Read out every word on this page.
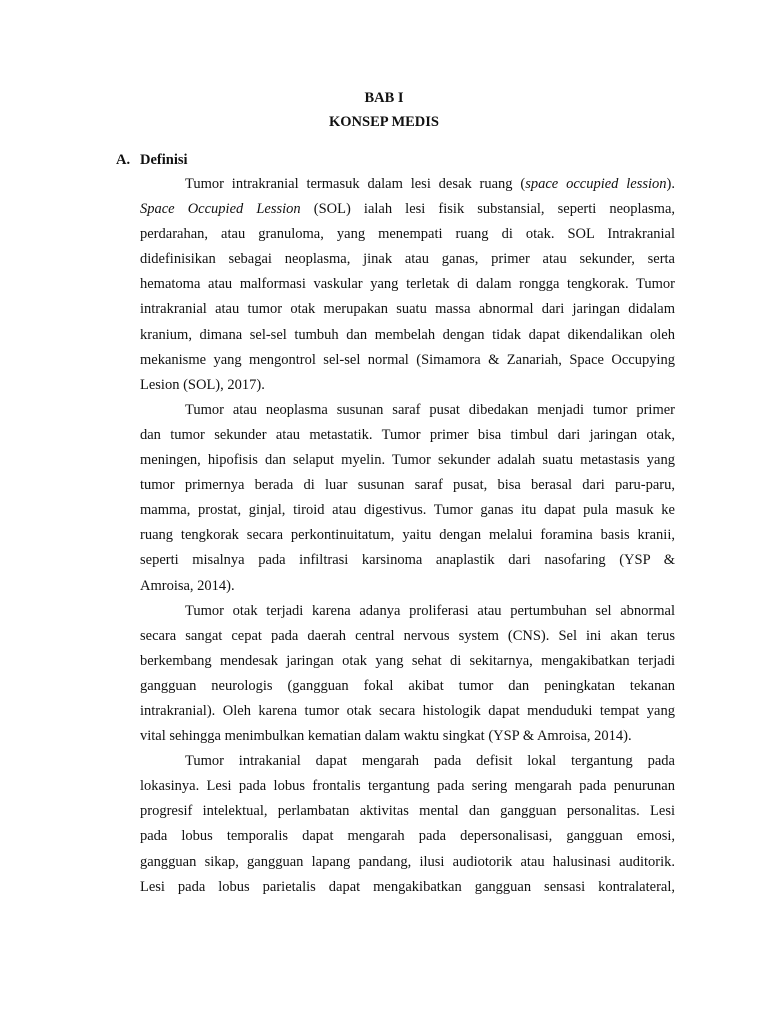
BAB I
KONSEP MEDIS
A. Definisi

Tumor intrakranial termasuk dalam lesi desak ruang (space occupied lession).
Space Occupied Lession (SOL) ialah lesi fisik substansial, seperti neoplasma,
perdarahan, atau granuloma, yang menempati ruang di otak. SOL Intrakranial
didefinisikan sebagai neoplasma, jinak atau ganas, primer atau sekunder, serta
hematoma atau malformasi vaskular yang terletak di dalam rongga tengkorak. Tumor
intrakranial atau tumor otak merupakan suatu massa abnormal dari jaringan didalam
kranium, dimana sel-sel tumbuh dan membelah dengan tidak dapat dikendalikan oleh
mekanisme yang mengontrol sel-sel normal (Simamora & Zanariah, Space Occupying
Lesion (SOL), 2017).

Tumor atau neoplasma susunan saraf pusat dibedakan menjadi tumor primer
dan tumor sekunder atau metastatik. Tumor primer bisa timbul dari jaringan otak,
meningen, hipofisis dan selaput myelin. Tumor sekunder adalah suatu metastasis yang
tumor primernya berada di luar susunan saraf pusat, bisa berasal dari paru-paru,
mamma, prostat, ginjal, tiroid atau digestivus. Tumor ganas itu dapat pula masuk ke
ruang tengkorak secara perkontinuitatum, yaitu dengan melalui foramina basis kranii,
seperti misalnya pada infiltrasi karsinoma anaplastik dari nasofaring (YSP &
Amroisa, 2014).

Tumor otak terjadi karena adanya proliferasi atau pertumbuhan sel abnormal
secara sangat cepat pada daerah central nervous system (CNS). Sel ini akan terus
berkembang mendesak jaringan otak yang sehat di sekitarnya, mengakibatkan terjadi
gangguan neurologis (gangguan fokal akibat tumor dan peningkatan tekanan
intrakranial). Oleh karena tumor otak secara histologik dapat menduduki tempat yang
vital sehingga menimbulkan kematian dalam waktu singkat (YSP & Amroisa, 2014).

Tumor intrakanial dapat mengarah pada defisit lokal tergantung pada
lokasinya. Lesi pada lobus frontalis tergantung pada sering mengarah pada penurunan
progresif intelektual, perlambatan aktivitas mental dan gangguan personalitas. Lesi
pada lobus temporalis dapat mengarah pada depersonalisasi, gangguan emosi,
gangguan sikap, gangguan lapang pandang, ilusi audiotorik atau halusinasi auditorik.
Lesi pada lobus parietalis dapat mengakibatkan gangguan sensasi kontralateral,
